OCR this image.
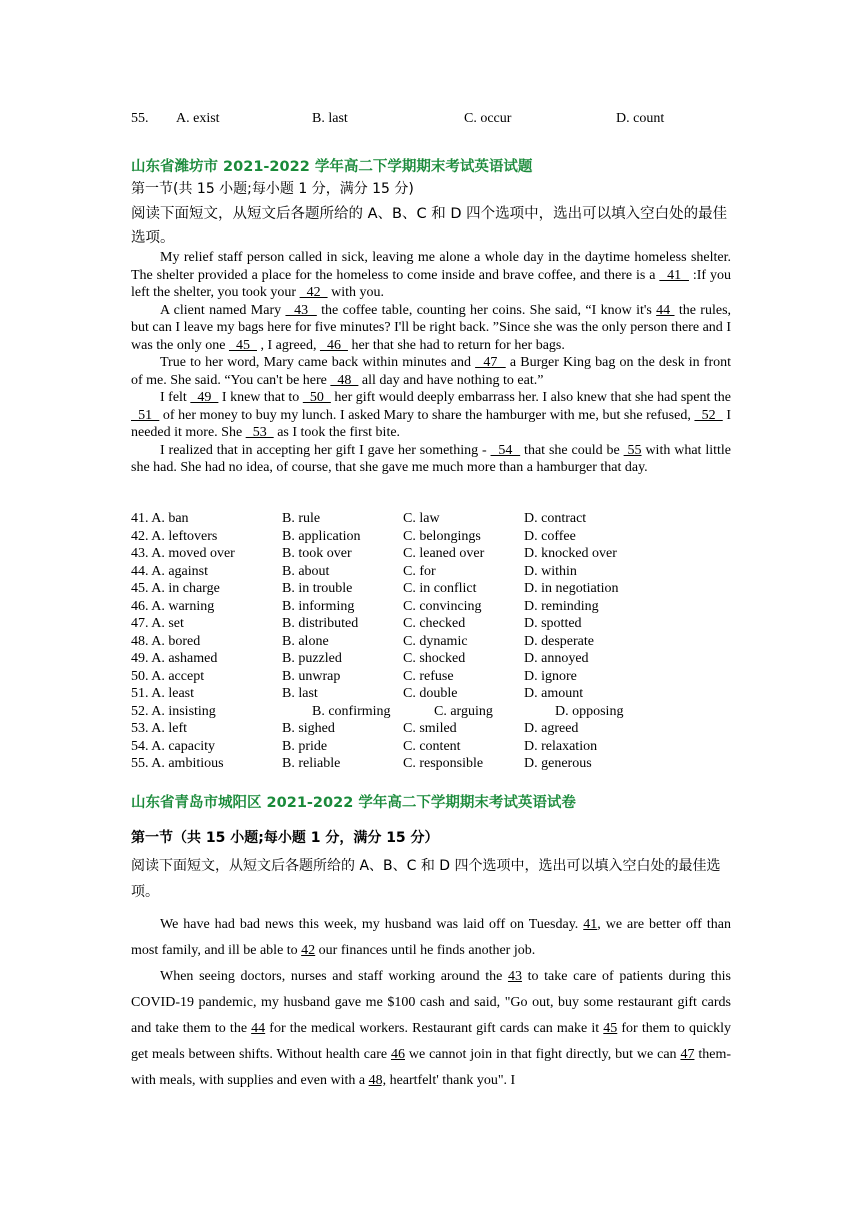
55. A. exist	B. last	C. occur	D. count
山东省潍坊市 2021-2022 学年高二下学期期末考试英语试题
第一节(共 15 小题;每小题 1 分，满分 15 分)
阅读下面短文，从短文后各题所给的 A、B、C 和 D 四个选项中，选出可以填入空白处的最佳选项。

My relief staff person called in sick, leaving me alone a whole day in the daytime homeless shelter. The shelter provided a place for the homeless to come inside and brave coffee, and there is a   41   :If you left the shelter, you took your   42   with you.

A client named Mary   43   the coffee table, counting her coins. She said, “I know it's 44  the rules, but can I leave my bags here for five minutes? I'll be right back. ”Since she was the only person there and I was the only one   45   , I agreed,   46   her that she had to return for her bags.

True to her word, Mary came back within minutes and   47   a Burger King bag on the desk in front of me. She said. “You can't be here   48   all day and have nothing to eat.”

I felt   49   I knew that to   50   her gift would deeply embarrass her. I also knew that she had spent the   51   of her money to buy my lunch. I asked Mary to share the hamburger with me, but she refused,   52   I needed it more. She   53   as I took the first bite.

I realized that in accepting her gift I gave her something -   54   that she could be  55 with what little she had. She had no idea, of course, that she gave me much more than a hamburger that day.

41. A. ban	B. rule	C. law	D. contract
42. A. leftovers	B. application	C. belongings	D. coffee
43. A. moved over	B. took over	C. leaned over	D. knocked over
44. A. against	B. about	C. for	D. within
45. A. in charge	B. in trouble	C. in conflict	D. in negotiation
46. A. warning	B. informing	C. convincing	D. reminding
47. A. set	B. distributed	C. checked	D. spotted
48. A. bored	B. alone	C. dynamic	D. desperate
49. A. ashamed	B. puzzled	C. shocked	D. annoyed
50. A. accept	B. unwrap	C. refuse	D. ignore
51. A. least	B. last	C. double	D. amount
52. A. insisting	B. confirming	C. arguing	D. opposing
53. A. left	B. sighed	C. smiled	D. agreed
54. A. capacity	B. pride	C. content	D. relaxation
55. A. ambitious	B. reliable	C. responsible	D. generous
山东省青岛市城阳区 2021-2022 学年高二下学期期末考试英语试卷
第一节（共 15 小题;每小题 1 分，满分 15 分）
阅读下面短文，从短文后各题所给的 A、B、C 和 D 四个选项中，选出可以填入空白处的最佳选项。

We have had bad news this week, my husband was laid off on Tuesday. 41, we are better off than most family, and ill be able to 42 our finances until he finds another job.

When seeing doctors, nurses and staff working around the 43 to take care of patients during this COVID-19 pandemic, my husband gave me $100 cash and said, "Go out, buy some restaurant gift cards and take them to the 44 for the medical workers. Restaurant gift cards can make it 45 for them to quickly get meals between shifts. Without health care 46 we cannot join in that fight directly, but we can 47 them-with meals, with supplies and even with a 48, heartfelt' thank you". I
